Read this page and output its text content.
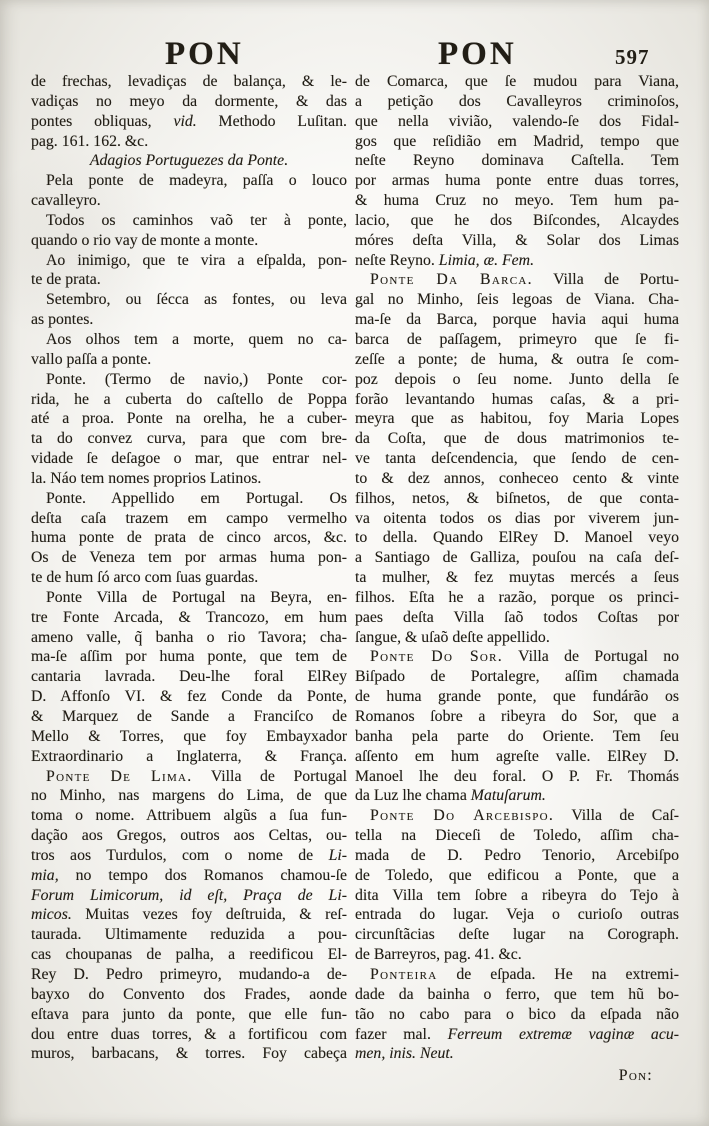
PON	PON	597
de frechas, levadiças de balança, & le-
vadiças no meyo da dormente, & das
pontes obliquas, vid. Methodo Luſitan.
pag. 161. 162. &c.
Adagios Portuguezes da Ponte.
Pela ponte de madeyra, paſſa o louco
cavalleyro.
Todos os caminhos vaõ ter à ponte,
quando o rio vay de monte a monte.
Ao inimigo, que te vira a eſpalda, pon-
te de prata.
Setembro, ou ſécca as fontes, ou leva
as pontes.
Aos olhos tem a morte, quem no ca-
vallo paſſa a ponte.
Ponte. (Termo de navio,) Ponte cor-
rida, he a cuberta do caſtello de Poppa
até a proa. Ponte na orelha, he a cuber-
ta do convez curva, para que com bre-
vidade ſe deſagoe o mar, que entrar nel-
la. Náo tem nomes proprios Latinos.
Ponte. Appellido em Portugal. Os
deſta caſa trazem em campo vermelho
huma ponte de prata de cinco arcos, &c.
Os de Veneza tem por armas huma pon-
te de hum ſó arco com ſuas guardas.
Ponte Villa de Portugal na Beyra, en-
tre Fonte Arcada, & Trancozo, em hum
ameno valle, q̃ banha o rio Tavora; cha-
ma-ſe aſſim por huma ponte, que tem de
cantaria lavrada. Deu-lhe foral ElRey
D. Affonſo VI. & fez Conde da Ponte,
& Marquez de Sande a Franciſco de
Mello & Torres, que foy Embayxador
Extraordinario a Inglaterra, & França.
Ponte De Lima. Villa de Portugal
no Minho, nas margens do Lima, de que
toma o nome. Attribuem algũs a ſua fun-
dação aos Gregos, outros aos Celtas, ou-
tros aos Turdulos, com o nome de Li-
mia, no tempo dos Romanos chamou-ſe
Forum Limicorum, id eſt, Praça de Li-
micos. Muitas vezes foy deſtruida, & reſ-
taurada. Ultimamente reduzida a pou-
cas choupanas de palha, a reedificou El-
Rey D. Pedro primeyro, mudando-a de-
bayxo do Convento dos Frades, aonde
eſtava para junto da ponte, que elle fun-
dou entre duas torres, & a fortificou com
muros, barbacans, & torres. Foy cabeça
de Comarca, que ſe mudou para Viana,
a petição dos Cavalleyros criminoſos,
que nella vivião, valendo-ſe dos Fidal-
gos que reſidião em Madrid, tempo que
neſte Reyno dominava Caſtella. Tem
por armas huma ponte entre duas torres,
& huma Cruz no meyo. Tem hum pa-
lacio, que he dos Biſcondes, Alcaydes
móres deſta Villa, & Solar dos Limas
neſte Reyno. Limia, æ. Fem.
Ponte Da Barca. Villa de Portu-
gal no Minho, ſeis legoas de Viana. Cha-
ma-ſe da Barca, porque havia aqui huma
barca de paſſagem, primeyro que ſe fi-
zeſſe a ponte; de huma, & outra ſe com-
poz depois o ſeu nome. Junto della ſe
forão levantando humas caſas, & a pri-
meyra que as habitou, foy Maria Lopes
da Coſta, que de dous matrimonios te-
ve tanta deſcendencia, que ſendo de cen-
to & dez annos, conheceo cento & vinte
filhos, netos, & biſnetos, de que conta-
va oitenta todos os dias por viverem jun-
to della. Quando ElRey D. Manoel veyo
a Santiago de Galliza, pouſou na caſa deſ-
ta mulher, & fez muytas mercés a ſeus
filhos. Eſta he a razão, porque os princi-
paes deſta Villa ſaõ todos Coſtas por
ſangue, & uſaõ deſte appellido.
Ponte Do Sor. Villa de Portugal no
Biſpado de Portalegre, aſſim chamada
de huma grande ponte, que fundárão os
Romanos ſobre a ribeyra do Sor, que a
banha pela parte do Oriente. Tem ſeu
aſſento em hum agreſte valle. ElRey D.
Manoel lhe deu foral. O P. Fr. Thomás
da Luz lhe chama Matuſarum.
Ponte Do Arcebispo. Villa de Caſ-
tella na Dieceſi de Toledo, aſſim cha-
mada de D. Pedro Tenorio, Arcebiſpo
de Toledo, que edificou a Ponte, que a
dita Villa tem ſobre a ribeyra do Tejo à
entrada do lugar. Veja o curioſo outras
circunſtãcias deſte lugar na Corograph.
de Barreyros, pag. 41. &c.
Ponteira de eſpada. He na extremi-
dade da bainha o ferro, que tem hũ bo-
tão no cabo para o bico da eſpada não
fazer mal. Ferreum extremæ vaginæ acu-
men, inis. Neut.
Pon:
